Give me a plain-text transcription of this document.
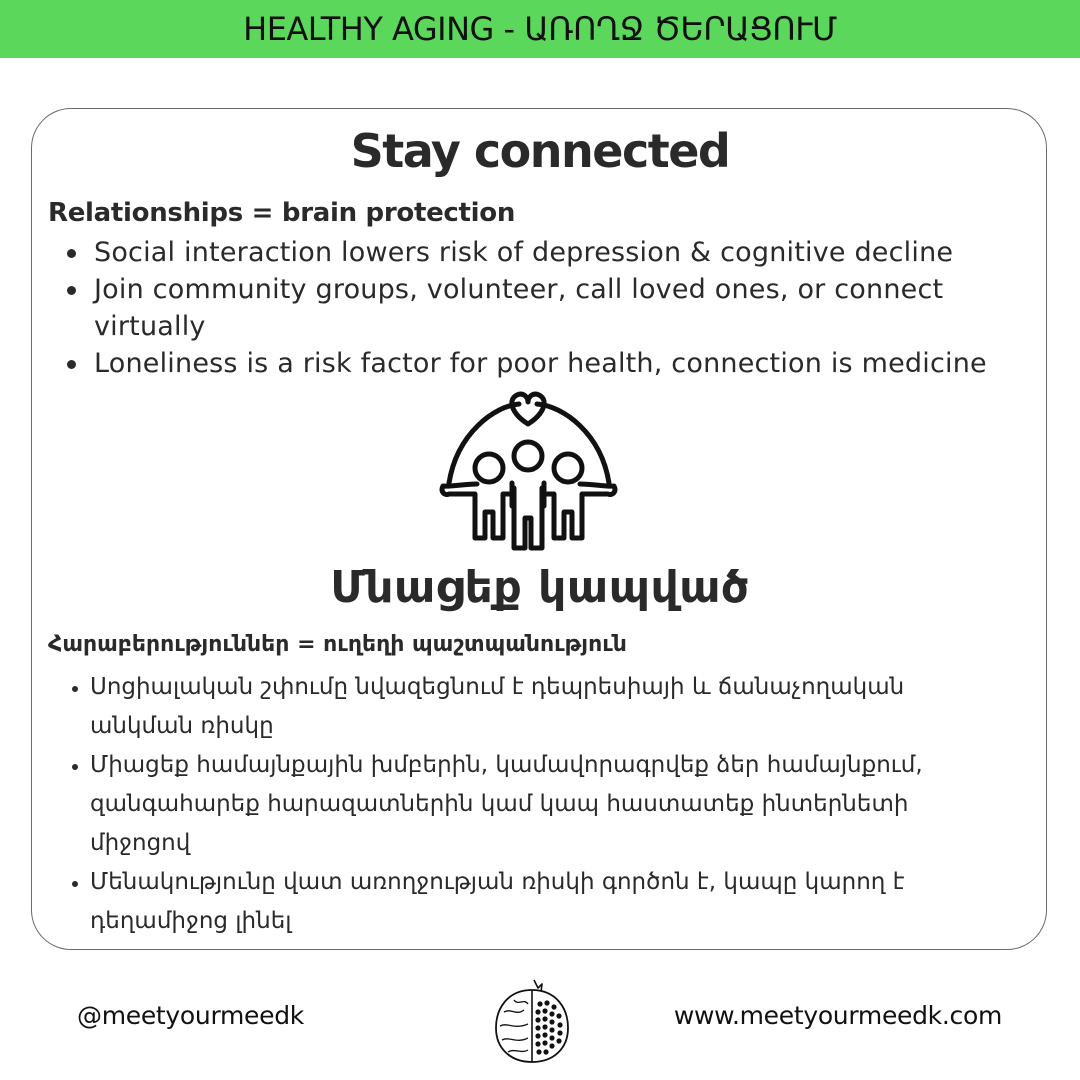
HEALTHY AGING - ԱՌՈՂՋ ԾԵՐԱՑՈՒՄ
Stay connected
Relationships = brain protection
Social interaction lowers risk of depression & cognitive decline
Join community groups, volunteer, call loved ones, or connect virtually
Loneliness is a risk factor for poor health, connection is medicine
Մնացեք կապված
Հարաբերություններ = ուղեղի պաշտպանություն
Սոցիալական շփումը նվազեցնում է դեպրեսիայի և ճանաչողական անկման ռիսկը
Միացեք համայնքային խմբերին, կամավորագրվեք ձեր համայնքում, զանգահարեք հարազատներին կամ կապ հաստատեք ինտերնետի միջոցով
Մենակությունը վատ առողջության ռիսկի գործոն է, կապը կարող է դեղամիջոց լինել
@meetyourmeedk	www.meetyourmeedk.com
